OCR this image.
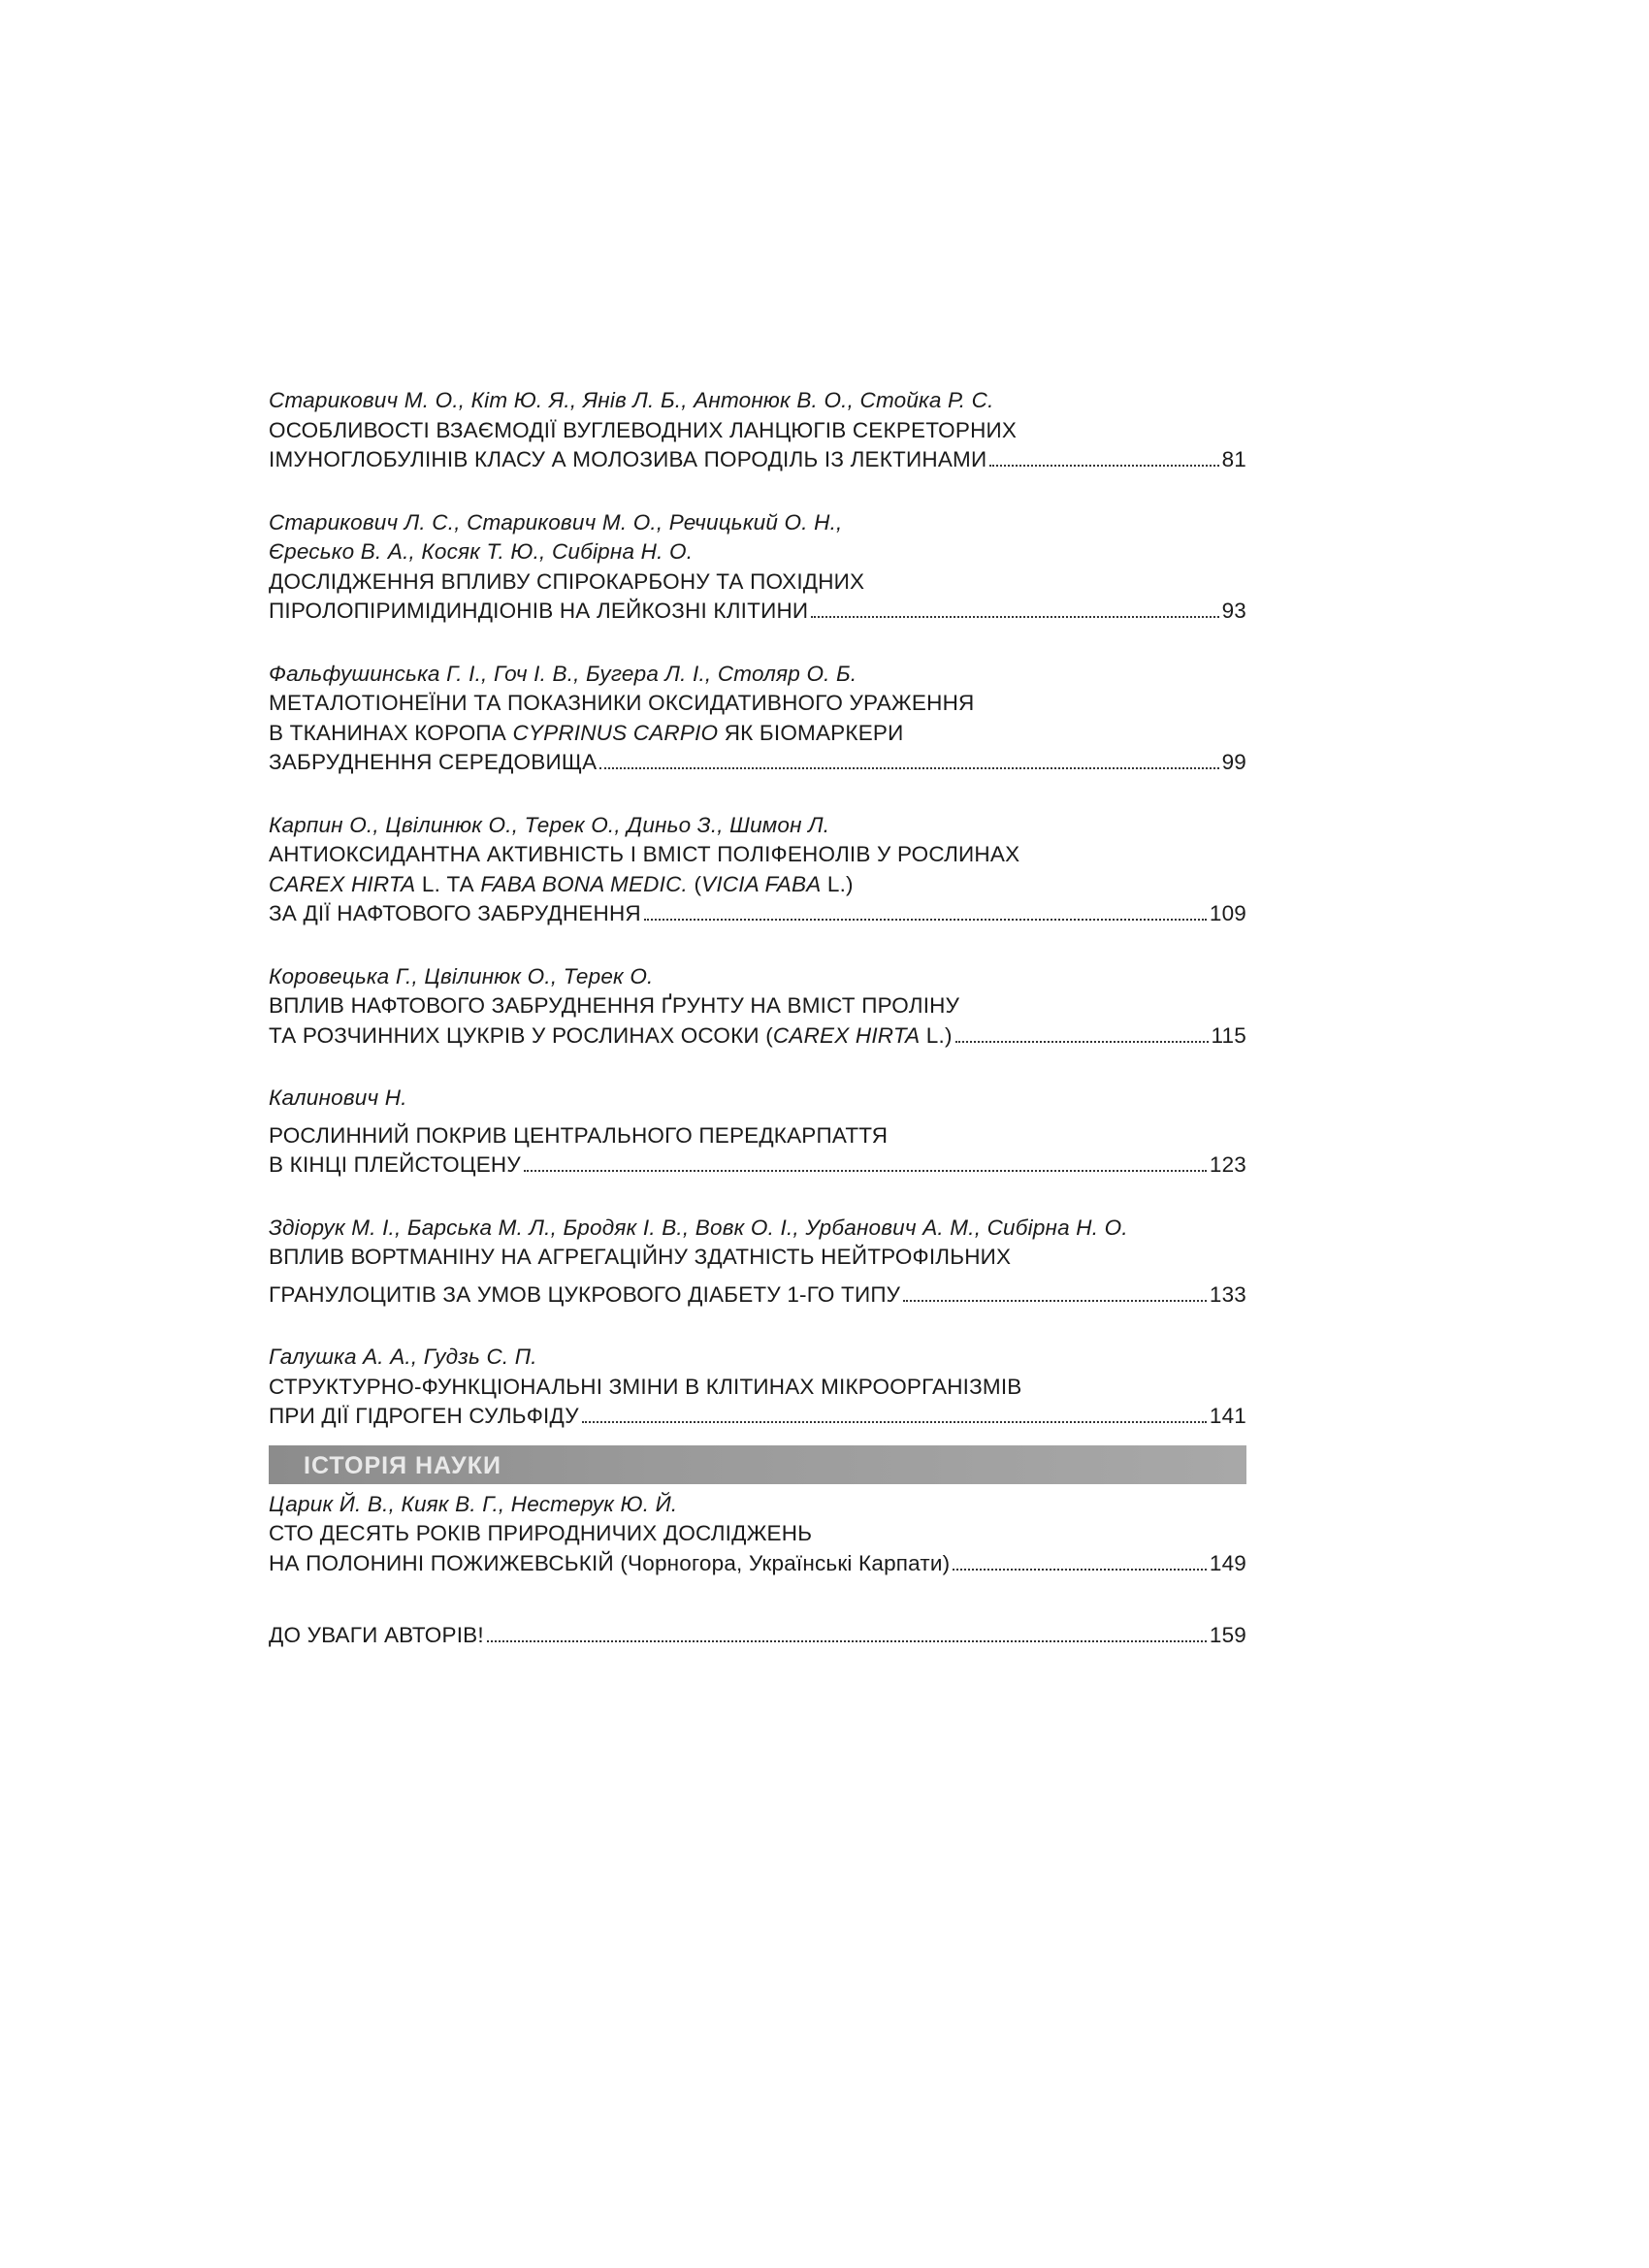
Старикович М. О., Кіт Ю. Я., Янів Л. Б., Антонюк В. О., Стойка Р. С.
ОСОБЛИВОСТІ ВЗАЄМОДІЇ ВУГЛЕВОДНИХ ЛАНЦЮГІВ СЕКРЕТОРНИХ
ІМУНОГЛОБУЛІНІВ КЛАСУ А МОЛОЗИВА ПОРОДІЛЬ ІЗ ЛЕКТИНАМИ	81
Старикович Л. С., Старикович М. О., Речицький О. Н.,
Єресько В. А., Косяк Т. Ю., Сибірна Н. О.
ДОСЛІДЖЕННЯ ВПЛИВУ СПІРОКАРБОНУ ТА ПОХІДНИХ
ПІРОЛОПІРИМІДИНДІОНІВ НА ЛЕЙКОЗНІ КЛІТИНИ	93
Фальфушинська Г. І., Гоч І. В., Бугера Л. І., Столяр О. Б.
МЕТАЛОТІОНЕЇНИ ТА ПОКАЗНИКИ ОКСИДАТИВНОГО УРАЖЕННЯ
В ТКАНИНАХ КОРОПА CYPRINUS CARPIO ЯК БІОМАРКЕРИ
ЗАБРУДНЕННЯ СЕРЕДОВИЩА	99
Карпин О., Цвілинюк О., Терек О., Диньо З., Шимон Л.
АНТИОКСИДАНТНА АКТИВНІСТЬ І ВМІСТ ПОЛІФЕНОЛІВ У РОСЛИНАХ
CAREX HIRTA L. ТА FABA BONA MEDIC. (VICIA FABA L.)
ЗА ДІЇ НАФТОВОГО ЗАБРУДНЕННЯ	109
Коровецька Г., Цвілинюк О., Терек О.
ВПЛИВ НАФТОВОГО ЗАБРУДНЕННЯ ҐРУНТУ НА ВМІСТ ПРОЛІНУ
ТА РОЗЧИННИХ ЦУКРІВ У РОСЛИНАХ ОСОКИ (CAREX HIRTA L.)	115
Калинович Н.
РОСЛИННИЙ ПОКРИВ ЦЕНТРАЛЬНОГО ПЕРЕДКАРПАТТЯ
В КІНЦІ ПЛЕЙСТОЦЕНУ	123
Здіорук М. І., Барська М. Л., Бродяк І. В., Вовк О. І., Урбанович А. М., Сибірна Н. О.
ВПЛИВ ВОРТМАНІНУ НА АГРЕГАЦІЙНУ ЗДАТНІСТЬ НЕЙТРОФІЛЬНИХ
ГРАНУЛОЦИТІВ ЗА УМОВ ЦУКРОВОГО ДІАБЕТУ 1-ГО ТИПУ	133
Галушка А. А., Гудзь С. П.
СТРУКТУРНО-ФУНКЦІОНАЛЬНІ ЗМІНИ В КЛІТИНАХ МІКРООРГАНІЗМІВ
ПРИ ДІЇ ГІДРОГЕН СУЛЬФІДУ	141
ІСТОРІЯ НАУКИ
Царик Й. В., Кияк В. Г., Нестерук Ю. Й.
СТО ДЕСЯТЬ РОКІВ ПРИРОДНИЧИХ ДОСЛІДЖЕНЬ
НА ПОЛОНИНІ ПОЖИЖЕВСЬКІЙ (Чорногора, Українські Карпати)	149
ДО УВАГИ АВТОРІВ!	159
